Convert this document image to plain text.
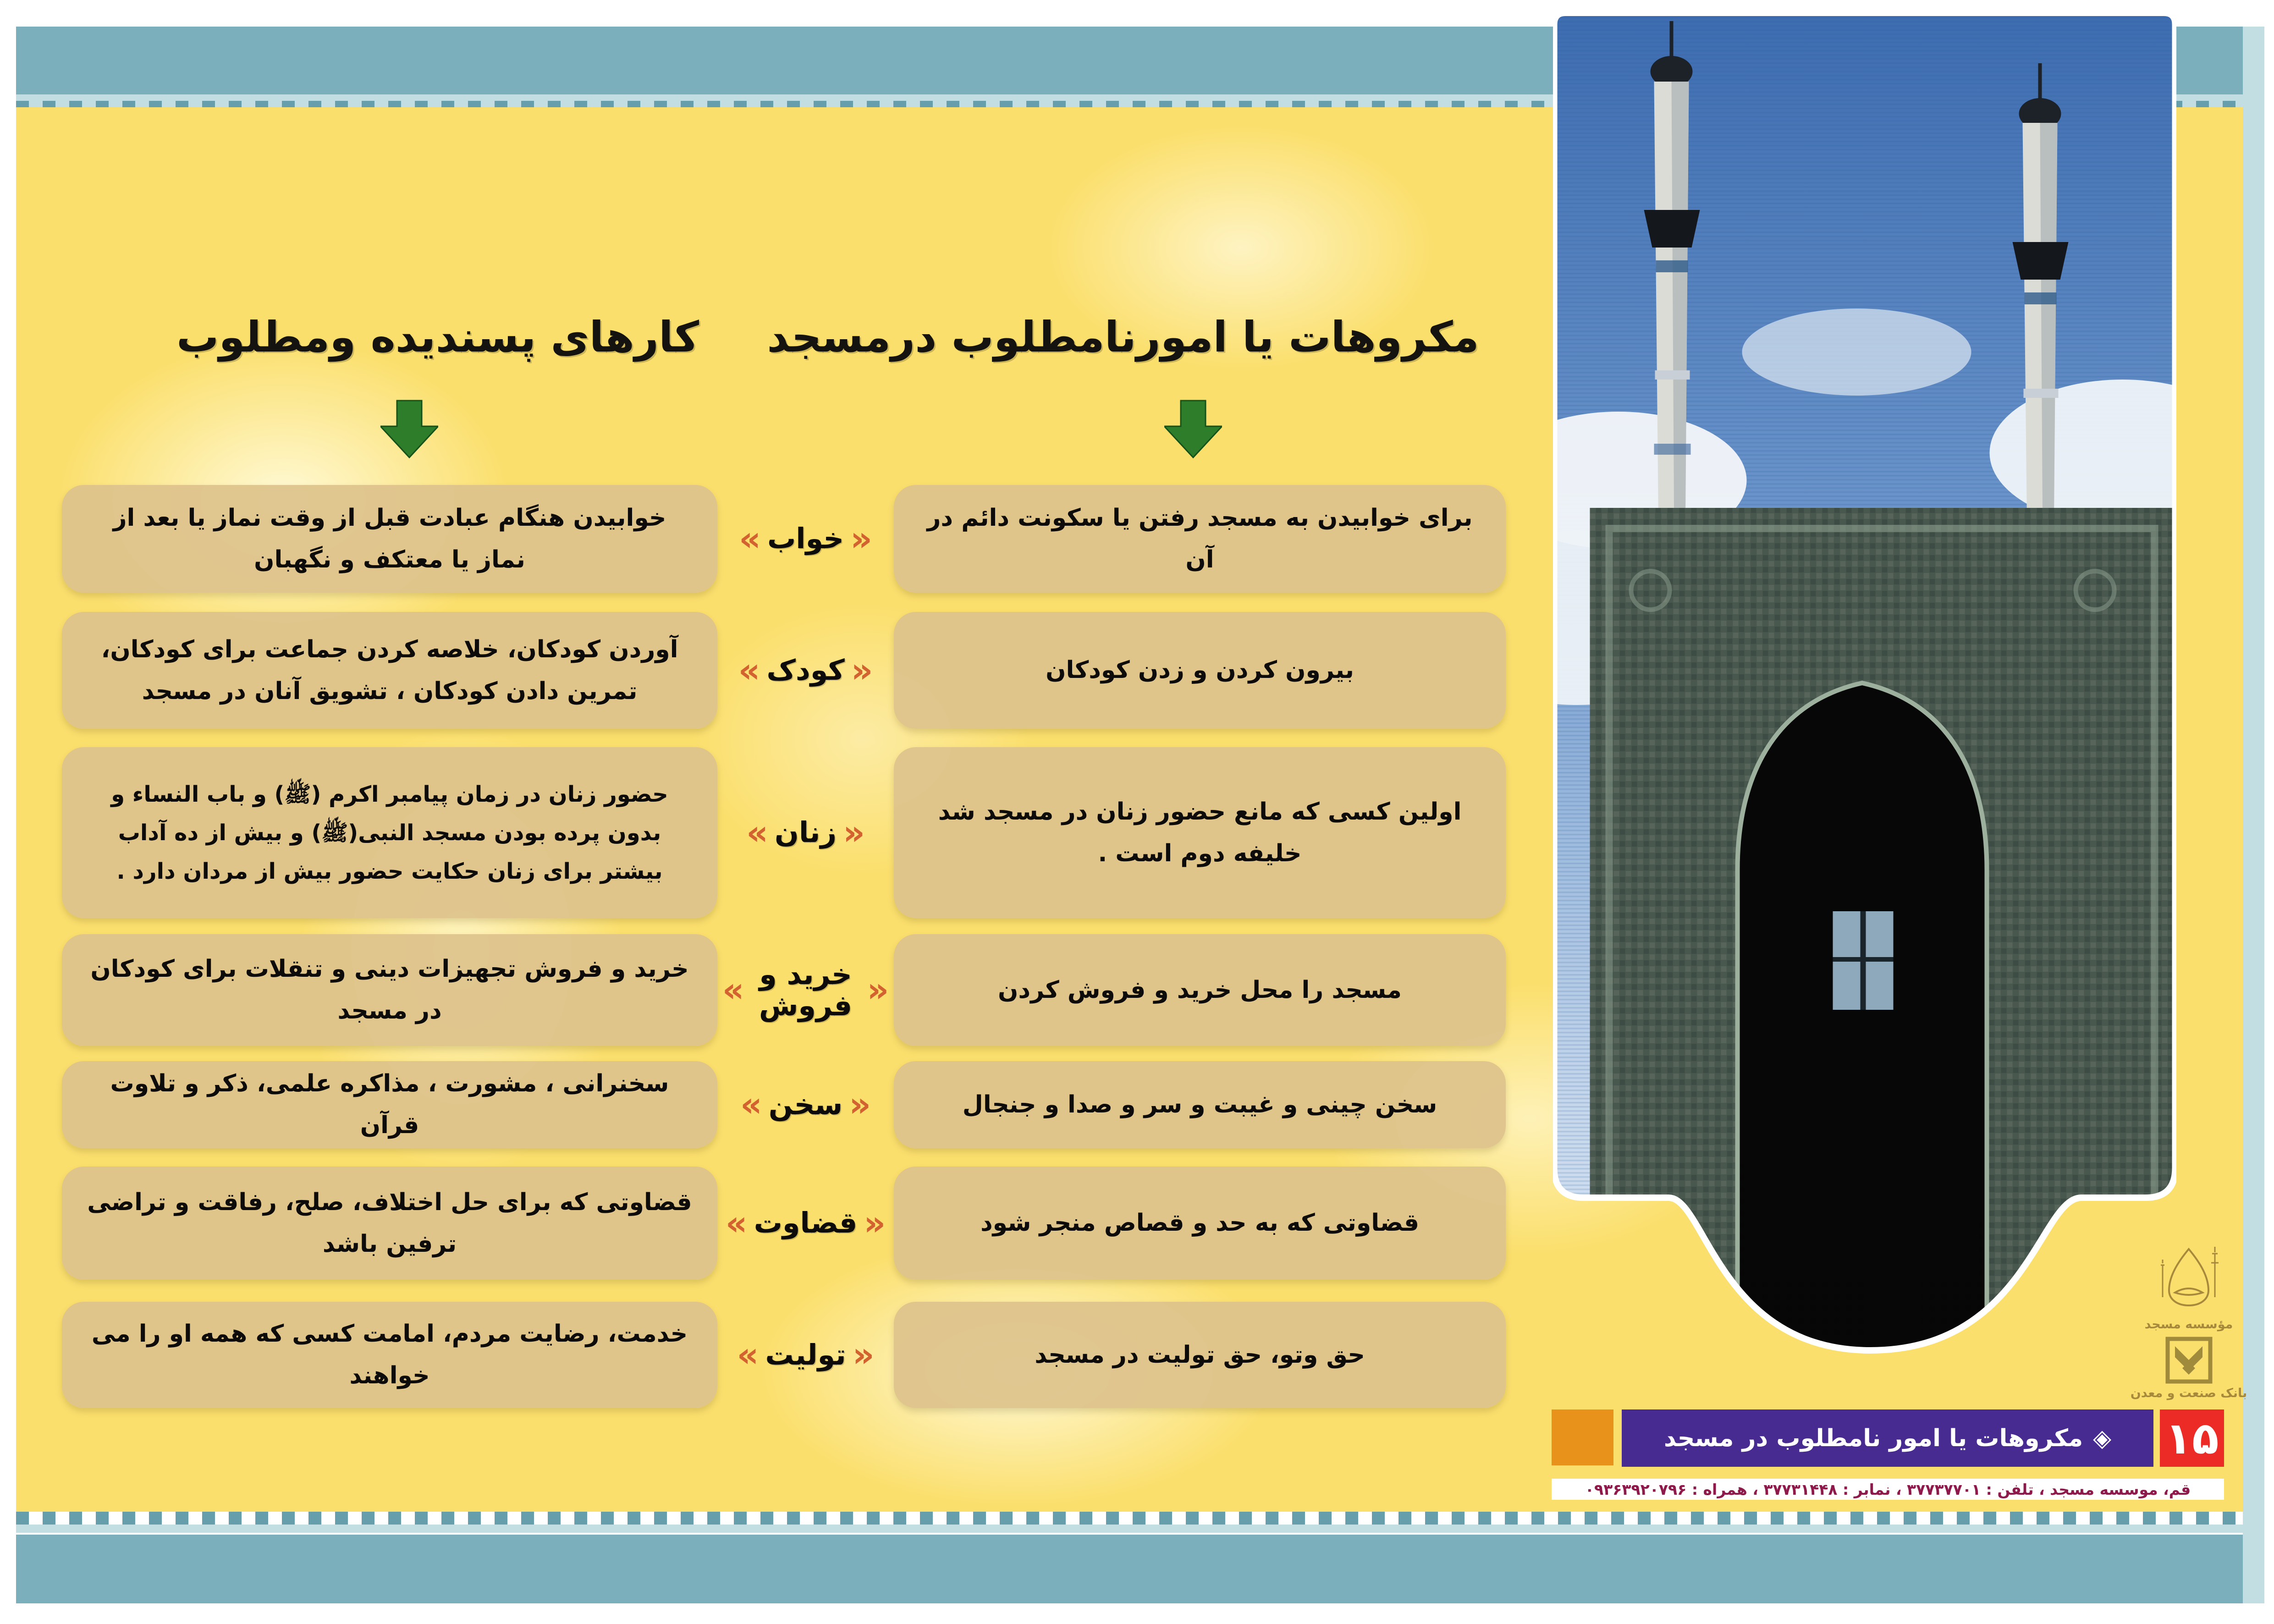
مکروهات یا امورنامطلوب درمسجد
کارهای پسندیده ومطلوب
برای خوابیدن به مسجد رفتن یا سکونت دائم در آن
«
خواب
»
خوابیدن هنگام عبادت قبل از وقت نماز یا بعد از نماز یا معتکف و نگهبان
بیرون کردن و زدن کودکان
«
کودک
»
آوردن کودکان، خلاصه کردن جماعت برای کودکان، تمرین دادن کودکان ، تشویق آنان در مسجد
اولین کسی که مانع حضور زنان در مسجد شد خلیفه دوم است .
«
زنان
»
حضور زنان در زمان پیامبر اکرم (ﷺ) و باب النساء و بدون پرده بودن مسجد النبی(ﷺ) و بیش از ده آداب بیشتر برای زنان حکایت حضور بیش از مردان دارد .
مسجد را محل خرید و فروش کردن
«
خرید و فروش
»
خرید و فروش تجهیزات دینی و تنقلات برای کودکان در مسجد
سخن چینی و غیبت و سر و صدا و جنجال
«
سخن
»
سخنرانی ، مشورت ، مذاکره علمی، ذکر و تلاوت قرآن
قضاوتی که به حد و قصاص منجر شود
«
قضاوت
»
قضاوتی که برای حل اختلاف، صلح، رفاقت و تراضی ترفین باشد
حق وتو، حق تولیت در مسجد
«
تولیت
»
خدمت، رضایت مردم، امامت کسی که همه او را می خواهند
مؤسسه مسجد
بانک صنعت و معدن
◈
مکروهات یا امور نامطلوب در مسجد ۱۵
قم، موسسه مسجد ، تلفن : ۳۷۷۳۷۷۰۱ ، نمابر : ۳۷۷۳۱۴۴۸ ، همراه : ۰۹۳۶۳۹۲۰۷۹۶
